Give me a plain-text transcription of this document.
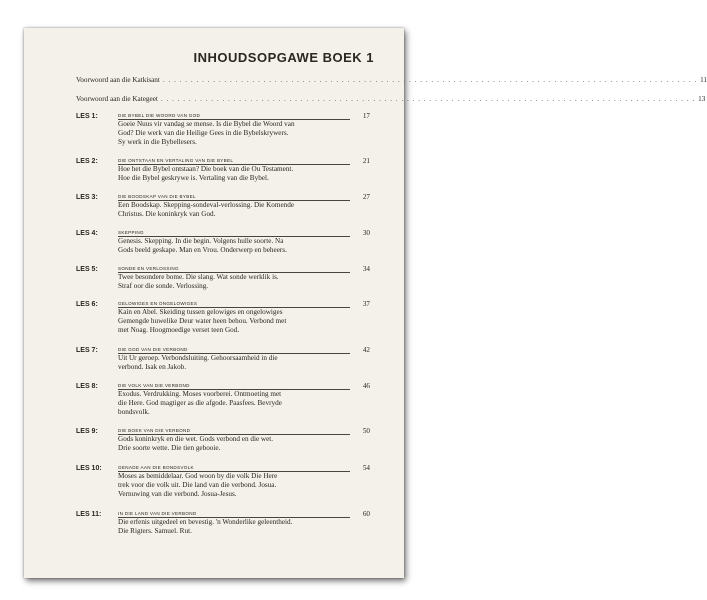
INHOUDSOPGAWE BOEK 1
Voorwoord aan die Katkisant . . . . . . . . . . . . . . . . . . . . . . . . . . . . . . . . . . . . . . . . . . . . . . . . . . . . . . . . . . . . . . . . . . . . . . . . . . . . . . . . . . . . . . . . . . . . . . . . 11
Voorwoord aan die Kategeet . . . . . . . . . . . . . . . . . . . . . . . . . . . . . . . . . . . . . . . . . . . . . . . . . . . . . . . . . . . . . . . . . . . . . . . . . . . . . . . . . . . . . . . . . . . . . . . . 13
LES 1:	DIE BYBEL DIE WOORD VAN GOD	17
Goeie Nuus vir vandag se mense. Is die Bybel die Woord van
God? Die werk van die Heilige Gees in die Bybelskrywers.
Sy werk in die Bybellesers.
LES 2:	DIE ONTSTAAN EN VERTALING VAN DIE BYBEL	21
Hoe het die Bybel ontstaan? Die boek van die Ou Testament.
Hoe die Bybel geskrywe is. Vertaling van die Bybel.
LES 3:	DIE BOODSKAP VAN DIE BYBEL	27
Een Boodskap. Skepping-sondeval-verlossing. Die Komende
Christus. Die koninkryk van God.
LES 4:	SKEPPING	30
Genesis. Skepping. In die begin. Volgens hulle soorte. Na
Gods beeld geskape. Man en Vrou. Onderwerp en beheers.
LES 5:	SONDE EN VERLOSSING	34
Twee besondere bome. Die slang. Wat sonde werklik is.
Straf oor die sonde. Verlossing.
LES 6:	GELOWIGES EN ONGELOWIGES	37
Kain en Abel. Skeiding tussen gelowiges en ongelowiges
Gemengde huwelike Deur water heen behou. Verbond met
met Noag. Hoogmoedige verset teen God.
LES 7:	DIE GOD VAN DIE VERBOND	42
Uit Ur geroep. Verbondsluiting. Gehoorsaamheid in die
verbond. Isak en Jakob.
LES 8:	DIE VOLK VAN DIE VERBOND	46
Exodus. Verdrukking. Moses voorberei. Ontmoeting met
die Here. God magtiger as die afgode. Paasfees. Bevryde
bondsvolk.
LES 9:	DIE BOEK VAN DIE VERBOND	50
Gods koninkryk en die wet. Gods verbond en die wet.
Drie soorte wette. Die tien gebooie.
LES 10:	GENADE AAN DIE BONDSVOLK	54
Moses as bemiddelaar. God woon by die volk Die Here
trek voor die volk uit. Die land van die verbond. Josua.
Vernuwing van die verbond. Josua-Jesus.
LES 11:	IN DIE LAND VAN DIE VERBOND	60
Die erfenis uitgedeel en bevestig. 'n Wonderlike geleentheid.
Die Rigters. Samuel. Rut.
